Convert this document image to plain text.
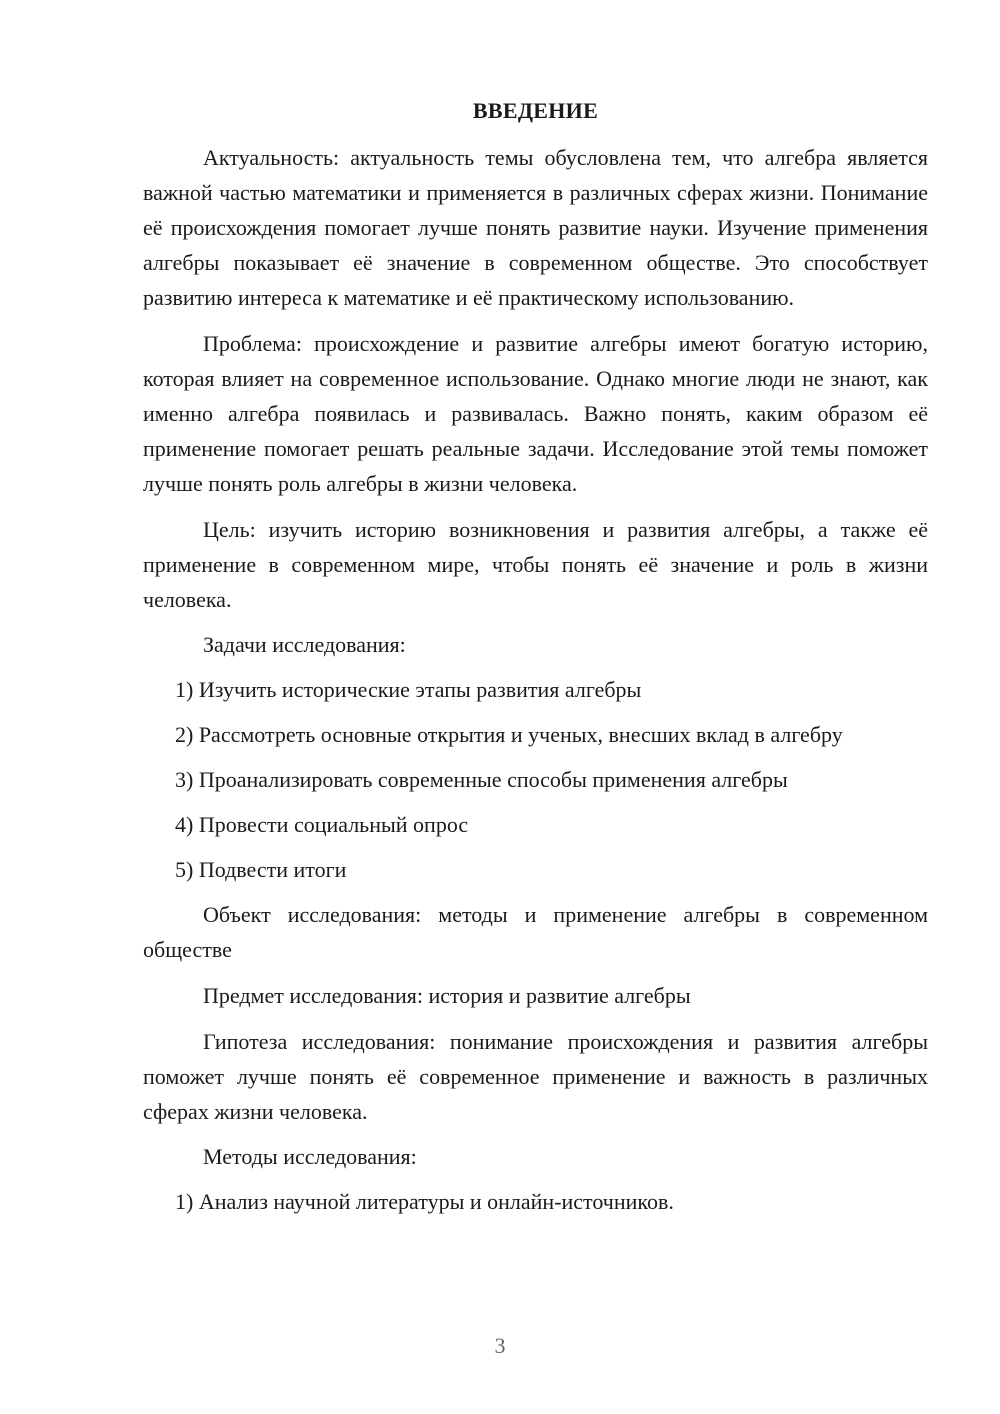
ВВЕДЕНИЕ

Актуальность: актуальность темы обусловлена тем, что алгебра является важной частью математики и применяется в различных сферах жизни. Понимание её происхождения помогает лучше понять развитие науки. Изучение применения алгебры показывает её значение в современном обществе. Это способствует развитию интереса к математике и её практическому использованию.

Проблема: происхождение и развитие алгебры имеют богатую историю, которая влияет на современное использование. Однако многие люди не знают, как именно алгебра появилась и развивалась. Важно понять, каким образом её применение помогает решать реальные задачи. Исследование этой темы поможет лучше понять роль алгебры в жизни человека.

Цель: изучить историю возникновения и развития алгебры, а также её применение в современном мире, чтобы понять её значение и роль в жизни человека.

Задачи исследования:

1) Изучить исторические этапы развития алгебры

2) Рассмотреть основные открытия и ученых, внесших вклад в алгебру

3) Проанализировать современные способы применения алгебры

4) Провести социальный опрос

5) Подвести итоги

Объект исследования: методы и применение алгебры в современном обществе

Предмет исследования: история и развитие алгебры

Гипотеза исследования: понимание происхождения и развития алгебры поможет лучше понять её современное применение и важность в различных сферах жизни человека.

Методы исследования:

1) Анализ научной литературы и онлайн-источников.

3
